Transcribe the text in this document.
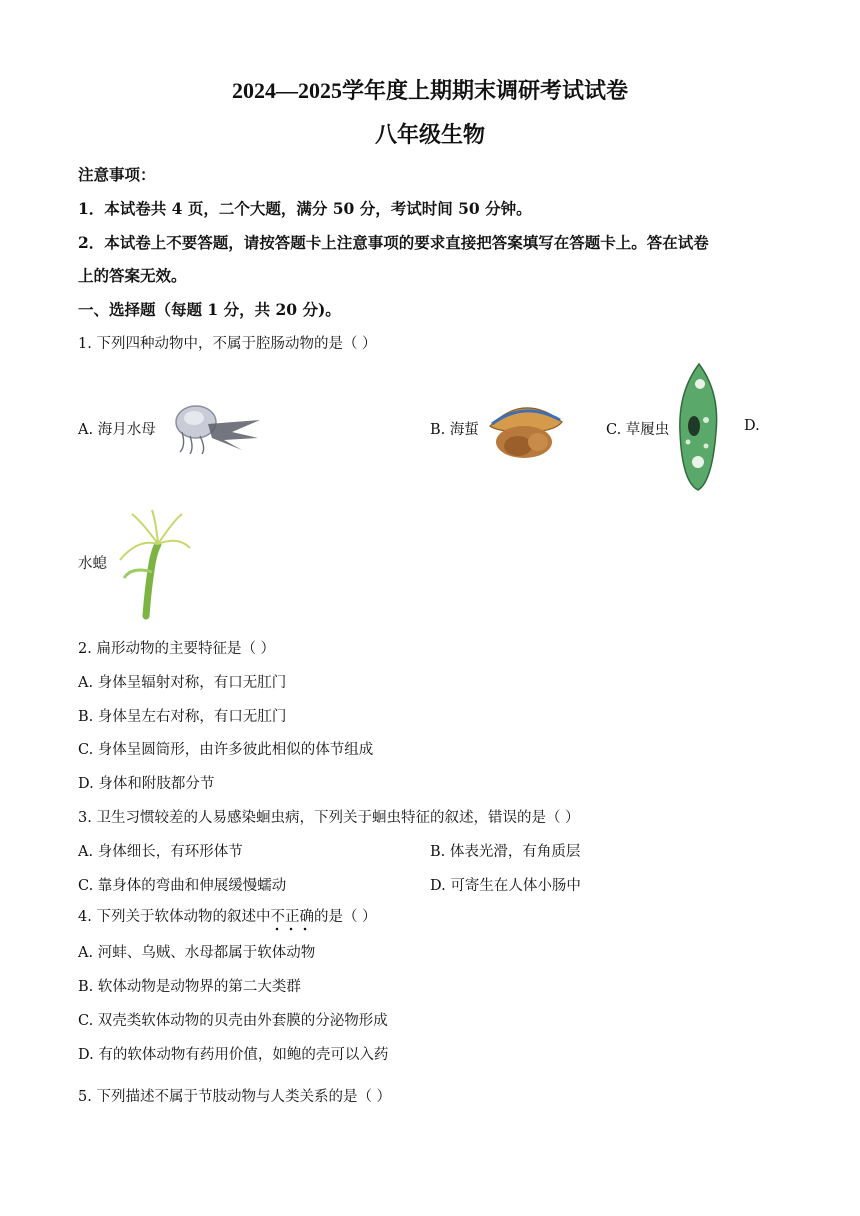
2024—2025学年度上期期末调研考试试卷
八年级生物
注意事项：
1．本试卷共 4 页，二个大题，满分 50 分，考试时间 50 分钟。
2．本试卷上不要答题，请按答题卡上注意事项的要求直接把答案填写在答题卡上。答在试卷
上的答案无效。
一、选择题（每题 1 分，共 20 分)。
1. 下列四种动物中，不属于腔肠动物的是（ ）
A. 海月水母	B. 海蜇	C. 草履虫	D.
水螅
2. 扁形动物的主要特征是（ ）
A. 身体呈辐射对称，有口无肛门
B. 身体呈左右对称，有口无肛门
C. 身体呈圆筒形，由许多彼此相似的体节组成
D. 身体和附肢都分节
3. 卫生习惯较差的人易感染蛔虫病，下列关于蛔虫特征的叙述，错误的是（ ）
A. 身体细长，有环形体节	B. 体表光滑，有角质层
C. 靠身体的弯曲和伸展缓慢蠕动	D. 可寄生在人体小肠中
4. 下列关于软体动物的叙述中不正确的是（ ）
A. 河蚌、乌贼、水母都属于软体动物
B. 软体动物是动物界的第二大类群
C. 双壳类软体动物的贝壳由外套膜的分泌物形成
D. 有的软体动物有药用价值，如鲍的壳可以入药
5. 下列描述不属于节肢动物与人类关系的是（ ）
